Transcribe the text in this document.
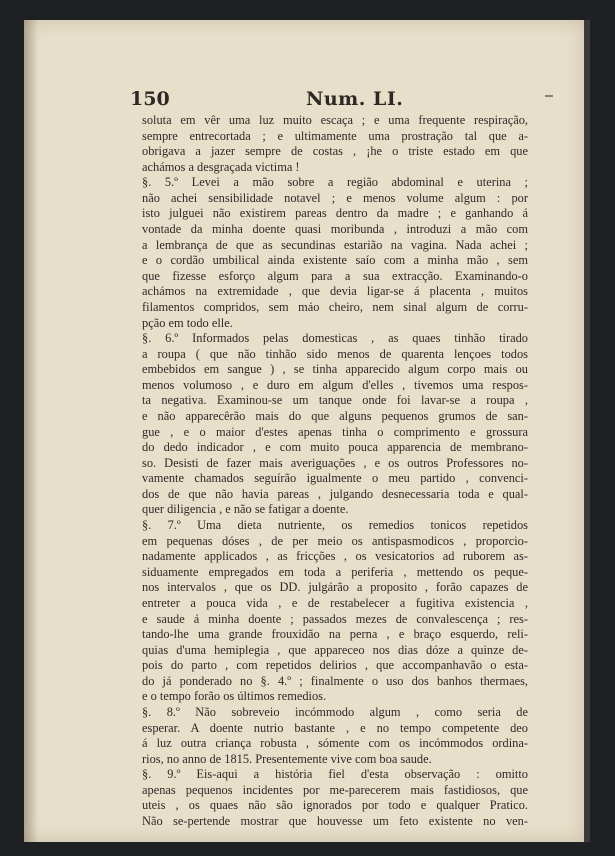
150	Num. LI.
soluta em vêr uma luz muito escaça ; e uma frequente respiração,
sempre entrecortada ; e ultimamente uma prostração tal que a-
obrigava a jazer sempre de costas , ¡he o triste estado em que
achámos a desgraçada victima !
§. 5.º Levei a mão sobre a região abdominal e uterina ;
não achei sensibilidade notavel ; e menos volume algum : por
isto julguei não existirem pareas dentro da madre ; e ganhando á
vontade da minha doente quasi moribunda , introduzi a mão com
a lembrança de que as secundinas estarião na vagina. Nada achei ;
e o cordão umbilical ainda existente saío com a minha mão , sem
que fizesse esforço algum para a sua extracção. Examinando-o
achámos na extremidade , que devia ligar-se á placenta , muitos
filamentos compridos, sem máo cheiro, nem sinal algum de corru-
pção em todo elle.
§. 6.º Informados pelas domesticas , as quaes tinhão tirado
a roupa ( que não tinhão sido menos de quarenta lençoes todos
embebidos em sangue ) , se tinha apparecido algum corpo mais ou
menos volumoso , e duro em algum d'elles , tivemos uma respos-
ta negativa. Examinou-se um tanque onde foi lavar-se a roupa ,
e não apparecêrão mais do que alguns pequenos grumos de san-
gue , e o maior d'estes apenas tinha o comprimento e grossura
do dedo indicador , e com muito pouca apparencia de membrano-
so. Desisti de fazer mais averiguações , e os outros Professores no-
vamente chamados seguírão igualmente o meu partido , convenci-
dos de que não havia pareas , julgando desnecessaria toda e qual-
quer diligencia , e não se fatigar a doente.
§. 7.º Uma dieta nutriente, os remedios tonicos repetidos
em pequenas dóses , de per meio os antispasmodicos , proporcio-
nadamente applicados , as fricções , os vesicatorios ad ruborem as-
siduamente empregados em toda a periferia , mettendo os peque-
nos intervalos , que os DD. julgárão a proposito , forão capazes de
entreter a pouca vida , e de restabelecer a fugitiva existencia ,
e saude á minha doente ; passados mezes de convalescença ; res-
tando-lhe uma grande frouxidão na perna , e braço esquerdo, reli-
quias d'uma hemiplegia , que appareceo nos dias dóze a quinze de-
pois do parto , com repetidos delirios , que accompanhavão o esta-
do já ponderado no §. 4.º ; finalmente o uso dos banhos thermaes,
e o tempo forão os últimos remedios.
§. 8.º Não sobreveio incómmodo algum , como seria de
esperar. A doente nutrio bastante , e no tempo competente deo
á luz outra criança robusta , sómente com os incómmodos ordina-
rios, no anno de 1815. Presentemente vive com boa saude.
§. 9.º Eis-aqui a história fiel d'esta observação : omitto
apenas pequenos incidentes por me-parecerem mais fastidiosos, que
uteis , os quaes não são ignorados por todo e qualquer Pratico.
Não se-pertende mostrar que houvesse um feto existente no ven-
